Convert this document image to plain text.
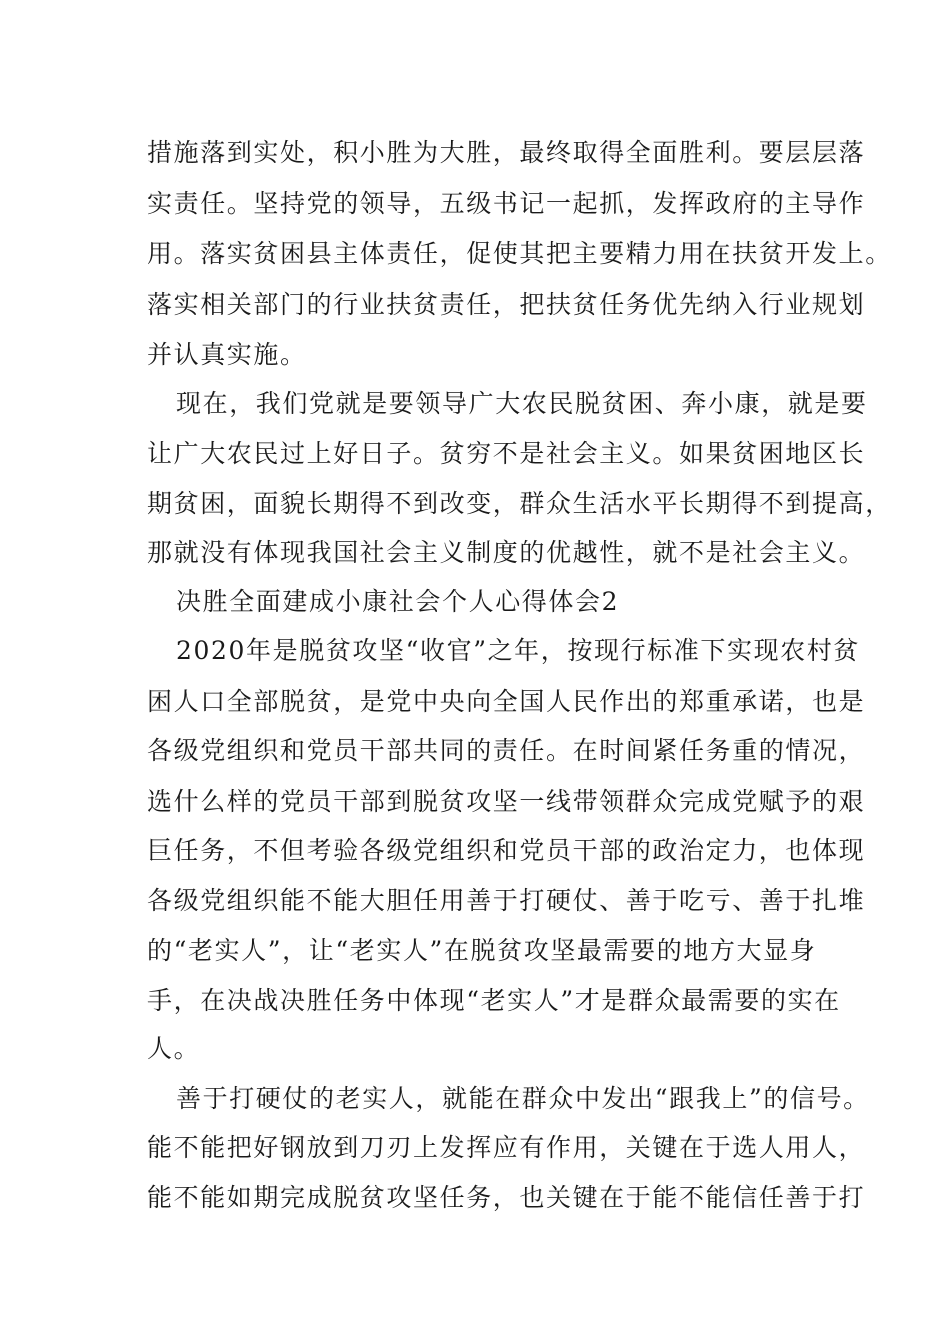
措施落到实处，积小胜为大胜，最终取得全面胜利。要层层落
实责任。坚持党的领导，五级书记一起抓，发挥政府的主导作
用。落实贫困县主体责任，促使其把主要精力用在扶贫开发上。
落实相关部门的行业扶贫责任，把扶贫任务优先纳入行业规划
并认真实施。
现在，我们党就是要领导广大农民脱贫困、奔小康，就是要
让广大农民过上好日子。贫穷不是社会主义。如果贫困地区长
期贫困，面貌长期得不到改变，群众生活水平长期得不到提高，
那就没有体现我国社会主义制度的优越性，就不是社会主义。
决胜全面建成小康社会个人心得体会2
2020年是脱贫攻坚“收官”之年，按现行标准下实现农村贫
困人口全部脱贫，是党中央向全国人民作出的郑重承诺，也是
各级党组织和党员干部共同的责任。在时间紧任务重的情况，
选什么样的党员干部到脱贫攻坚一线带领群众完成党赋予的艰
巨任务，不但考验各级党组织和党员干部的政治定力，也体现
各级党组织能不能大胆任用善于打硬仗、善于吃亏、善于扎堆
的“老实人”，让“老实人”在脱贫攻坚最需要的地方大显身
手，在决战决胜任务中体现“老实人”才是群众最需要的实在
人。
善于打硬仗的老实人，就能在群众中发出“跟我上”的信号。
能不能把好钢放到刀刃上发挥应有作用，关键在于选人用人，
能不能如期完成脱贫攻坚任务，也关键在于能不能信任善于打
